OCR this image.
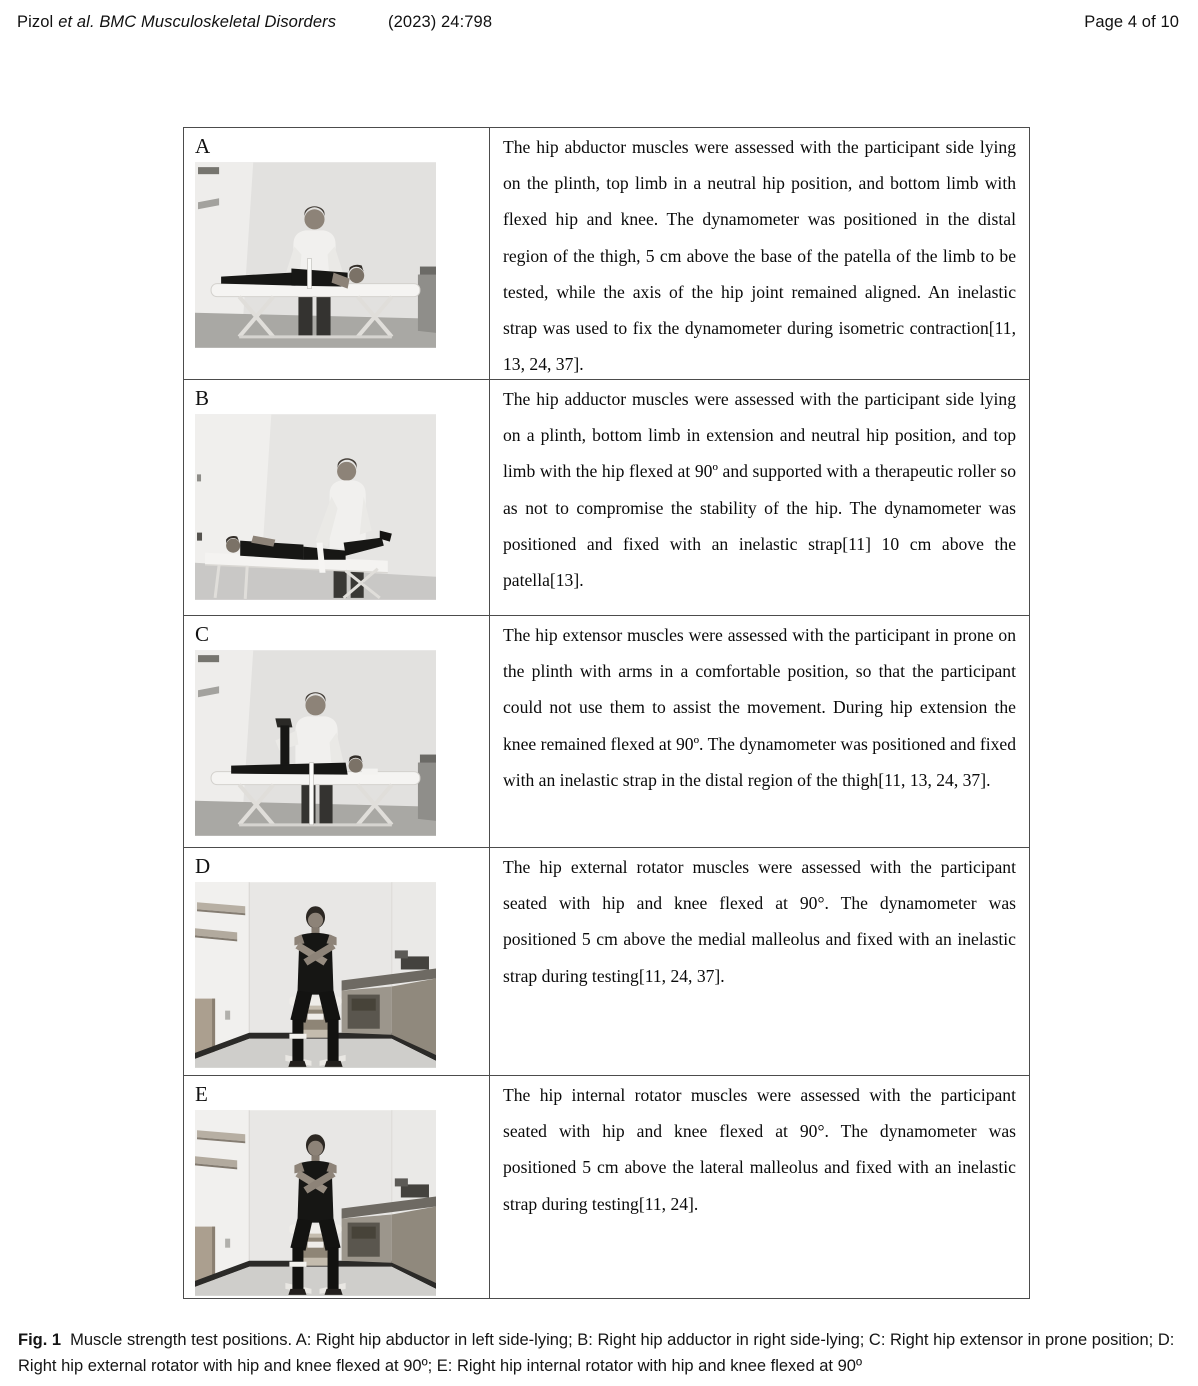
Pizol et al. BMC Musculoskeletal Disorders	(2023) 24:798	Page 4 of 10
A	The hip abductor muscles were assessed with the participant side lying on the plinth, top limb in a neutral hip position, and bottom limb with flexed hip and knee. The dynamometer was positioned in the distal region of the thigh, 5 cm above the base of the patella of the limb to be tested, while the axis of the hip joint remained aligned. An inelastic strap was used to fix the dynamometer during isometric contraction[11, 13, 24, 37].

B	The hip adductor muscles were assessed with the participant side lying on a plinth, bottom limb in extension and neutral hip position, and top limb with the hip flexed at 90º and supported with a therapeutic roller so as not to compromise the stability of the hip. The dynamometer was positioned and fixed with an inelastic strap[11] 10 cm above the patella[13].

C	The hip extensor muscles were assessed with the participant in prone on the plinth with arms in a comfortable position, so that the participant could not use them to assist the movement. During hip extension the knee remained flexed at 90º. The dynamometer was positioned and fixed with an inelastic strap in the distal region of the thigh[11, 13, 24, 37].

D	The hip external rotator muscles were assessed with the participant seated with hip and knee flexed at 90°. The dynamometer was positioned 5 cm above the medial malleolus and fixed with an inelastic strap during testing[11, 24, 37].

E	The hip internal rotator muscles were assessed with the participant seated with hip and knee flexed at 90°. The dynamometer was positioned 5 cm above the lateral malleolus and fixed with an inelastic strap during testing[11, 24].

Fig. 1 Muscle strength test positions. A: Right hip abductor in left side-lying; B: Right hip adductor in right side-lying; C: Right hip extensor in prone position; D: Right hip external rotator with hip and knee flexed at 90º; E: Right hip internal rotator with hip and knee flexed at 90º
